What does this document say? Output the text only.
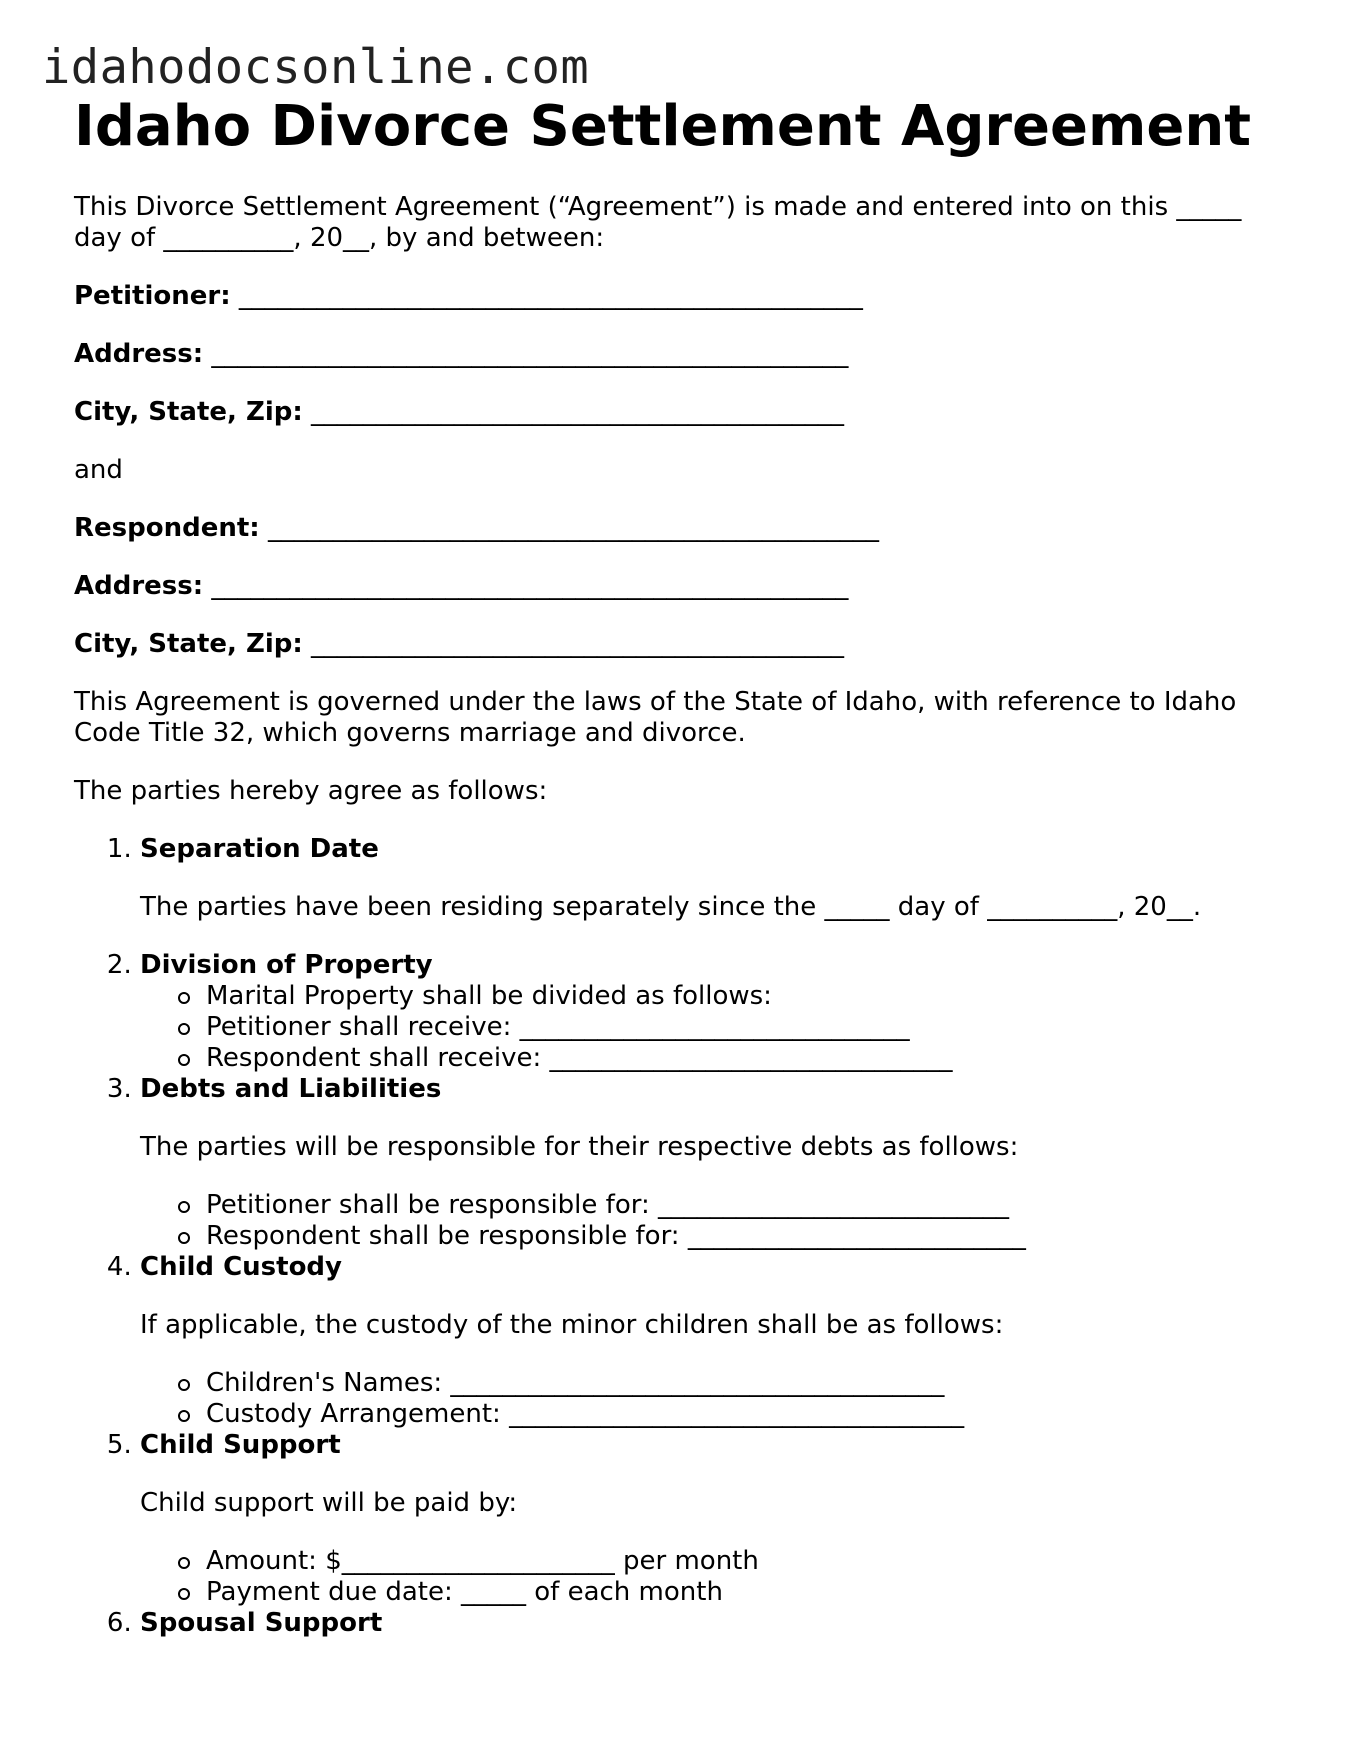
idahodocsonline.com
Idaho Divorce Settlement Agreement

This Divorce Settlement Agreement (“Agreement”) is made and entered into on this _____ day of __________, 20__, by and between:

Petitioner: ________________________________________________
Address: _________________________________________________
City, State, Zip: _________________________________________

and

Respondent: _______________________________________________
Address: _________________________________________________
City, State, Zip: _________________________________________

This Agreement is governed under the laws of the State of Idaho, with reference to Idaho Code Title 32, which governs marriage and divorce.

The parties hereby agree as follows:

1. Separation Date

The parties have been residing separately since the _____ day of __________, 20__.

2. Division of Property
Marital Property shall be divided as follows:
Petitioner shall receive: ______________________________
Respondent shall receive: _______________________________
3. Debts and Liabilities

The parties will be responsible for their respective debts as follows:

Petitioner shall be responsible for: ___________________________
Respondent shall be responsible for: __________________________
4. Child Custody

If applicable, the custody of the minor children shall be as follows:

Children's Names: ______________________________________
Custody Arrangement: ___________________________________
5. Child Support

Child support will be paid by:

Amount: $_____________________ per month
Payment due date: _____ of each month
6. Spousal Support
